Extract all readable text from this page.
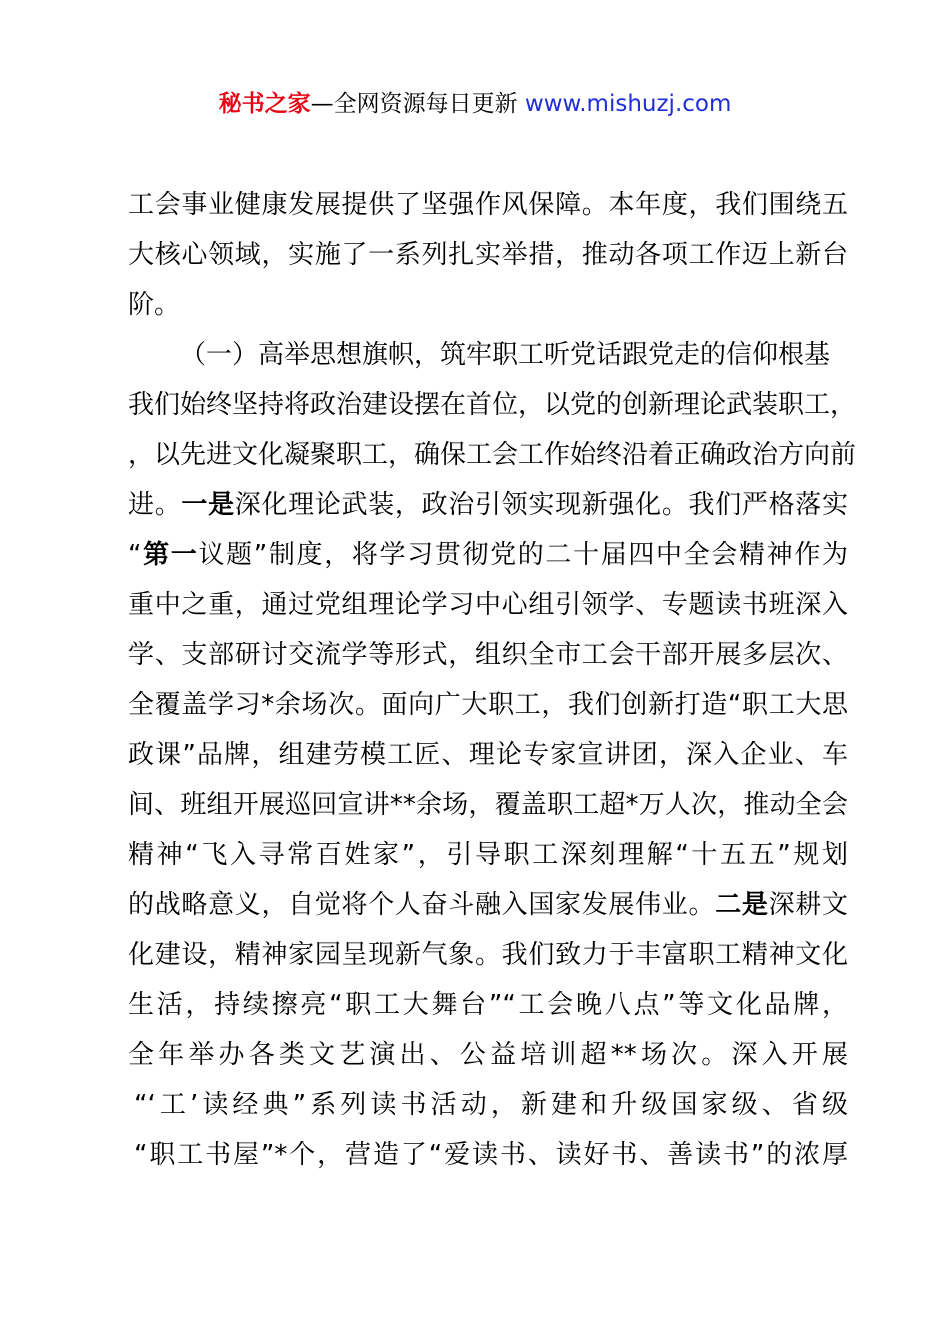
秘书之家—全网资源每日更新 www.mishuzj.com
工会事业健康发展提供了坚强作风保障。本年度，我们围绕五
大核心领域，实施了一系列扎实举措，推动各项工作迈上新台
阶。
（一）高举思想旗帜，筑牢职工听党话跟党走的信仰根基
我们始终坚持将政治建设摆在首位，以党的创新理论武装职工，
，以先进文化凝聚职工，确保工会工作始终沿着正确政治方向前
进。一是深化理论武装，政治引领实现新强化。我们严格落实
“第一议题”制度，将学习贯彻党的二十届四中全会精神作为
重中之重，通过党组理论学习中心组引领学、专题读书班深入
学、支部研讨交流学等形式，组织全市工会干部开展多层次、
全覆盖学习*余场次。面向广大职工，我们创新打造“职工大思
政课”品牌，组建劳模工匠、理论专家宣讲团，深入企业、车
间、班组开展巡回宣讲**余场，覆盖职工超*万人次，推动全会
精神“飞入寻常百姓家”，引导职工深刻理解“十五五”规划
的战略意义，自觉将个人奋斗融入国家发展伟业。二是深耕文
化建设，精神家园呈现新气象。我们致力于丰富职工精神文化
生活，持续擦亮“职工大舞台”“工会晚八点”等文化品牌，
全年举办各类文艺演出、公益培训超**场次。深入开展
“‘工’读经典”系列读书活动，新建和升级国家级、省级
“职工书屋”*个，营造了“爱读书、读好书、善读书”的浓厚
